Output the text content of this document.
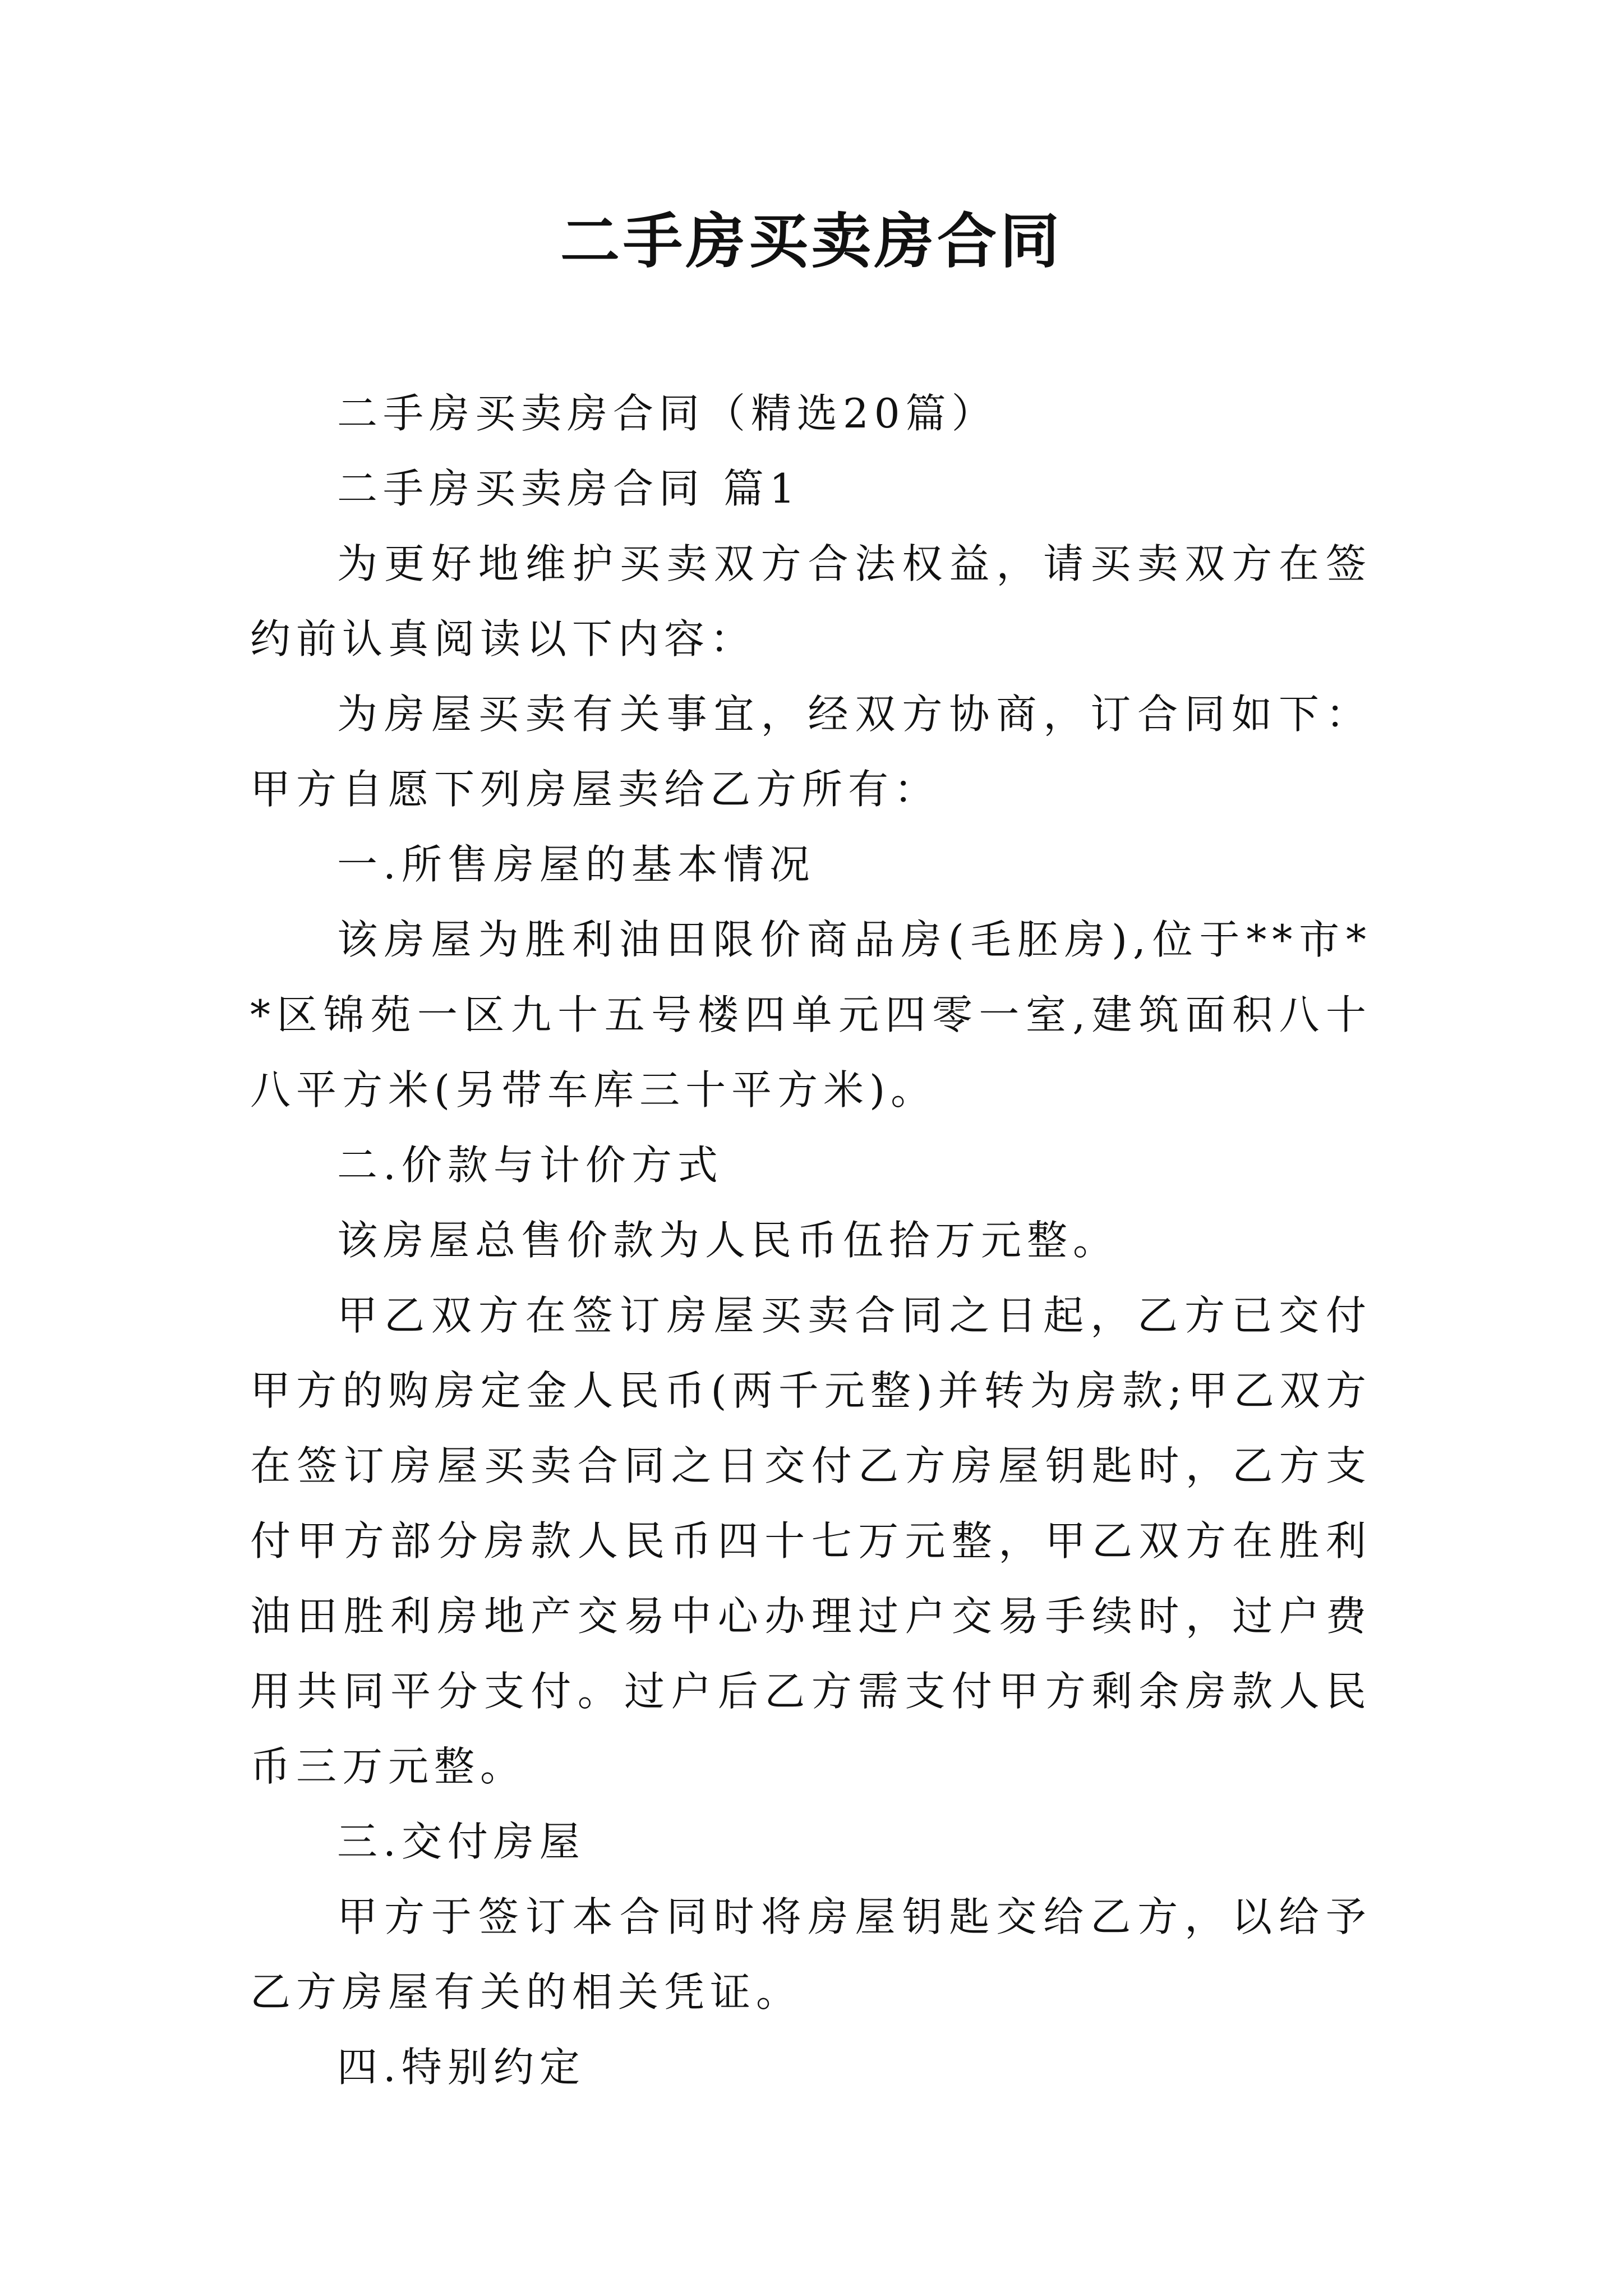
二手房买卖房合同

二手房买卖房合同（精选20篇）

二手房买卖房合同 篇1

为更好地维护买卖双方合法权益，请买卖双方在签约前认真阅读以下内容：

为房屋买卖有关事宜，经双方协商，订合同如下：甲方自愿下列房屋卖给乙方所有：

一.所售房屋的基本情况

该房屋为胜利油田限价商品房(毛胚房),位于**市**区锦苑一区九十五号楼四单元四零一室,建筑面积八十八平方米(另带车库三十平方米)。

二.价款与计价方式

该房屋总售价款为人民币伍拾万元整。

甲乙双方在签订房屋买卖合同之日起，乙方已交付甲方的购房定金人民币(两千元整)并转为房款;甲乙双方在签订房屋买卖合同之日交付乙方房屋钥匙时，乙方支付甲方部分房款人民币四十七万元整，甲乙双方在胜利油田胜利房地产交易中心办理过户交易手续时，过户费用共同平分支付。过户后乙方需支付甲方剩余房款人民币三万元整。

三.交付房屋

甲方于签订本合同时将房屋钥匙交给乙方，以给予乙方房屋有关的相关凭证。

四.特别约定
